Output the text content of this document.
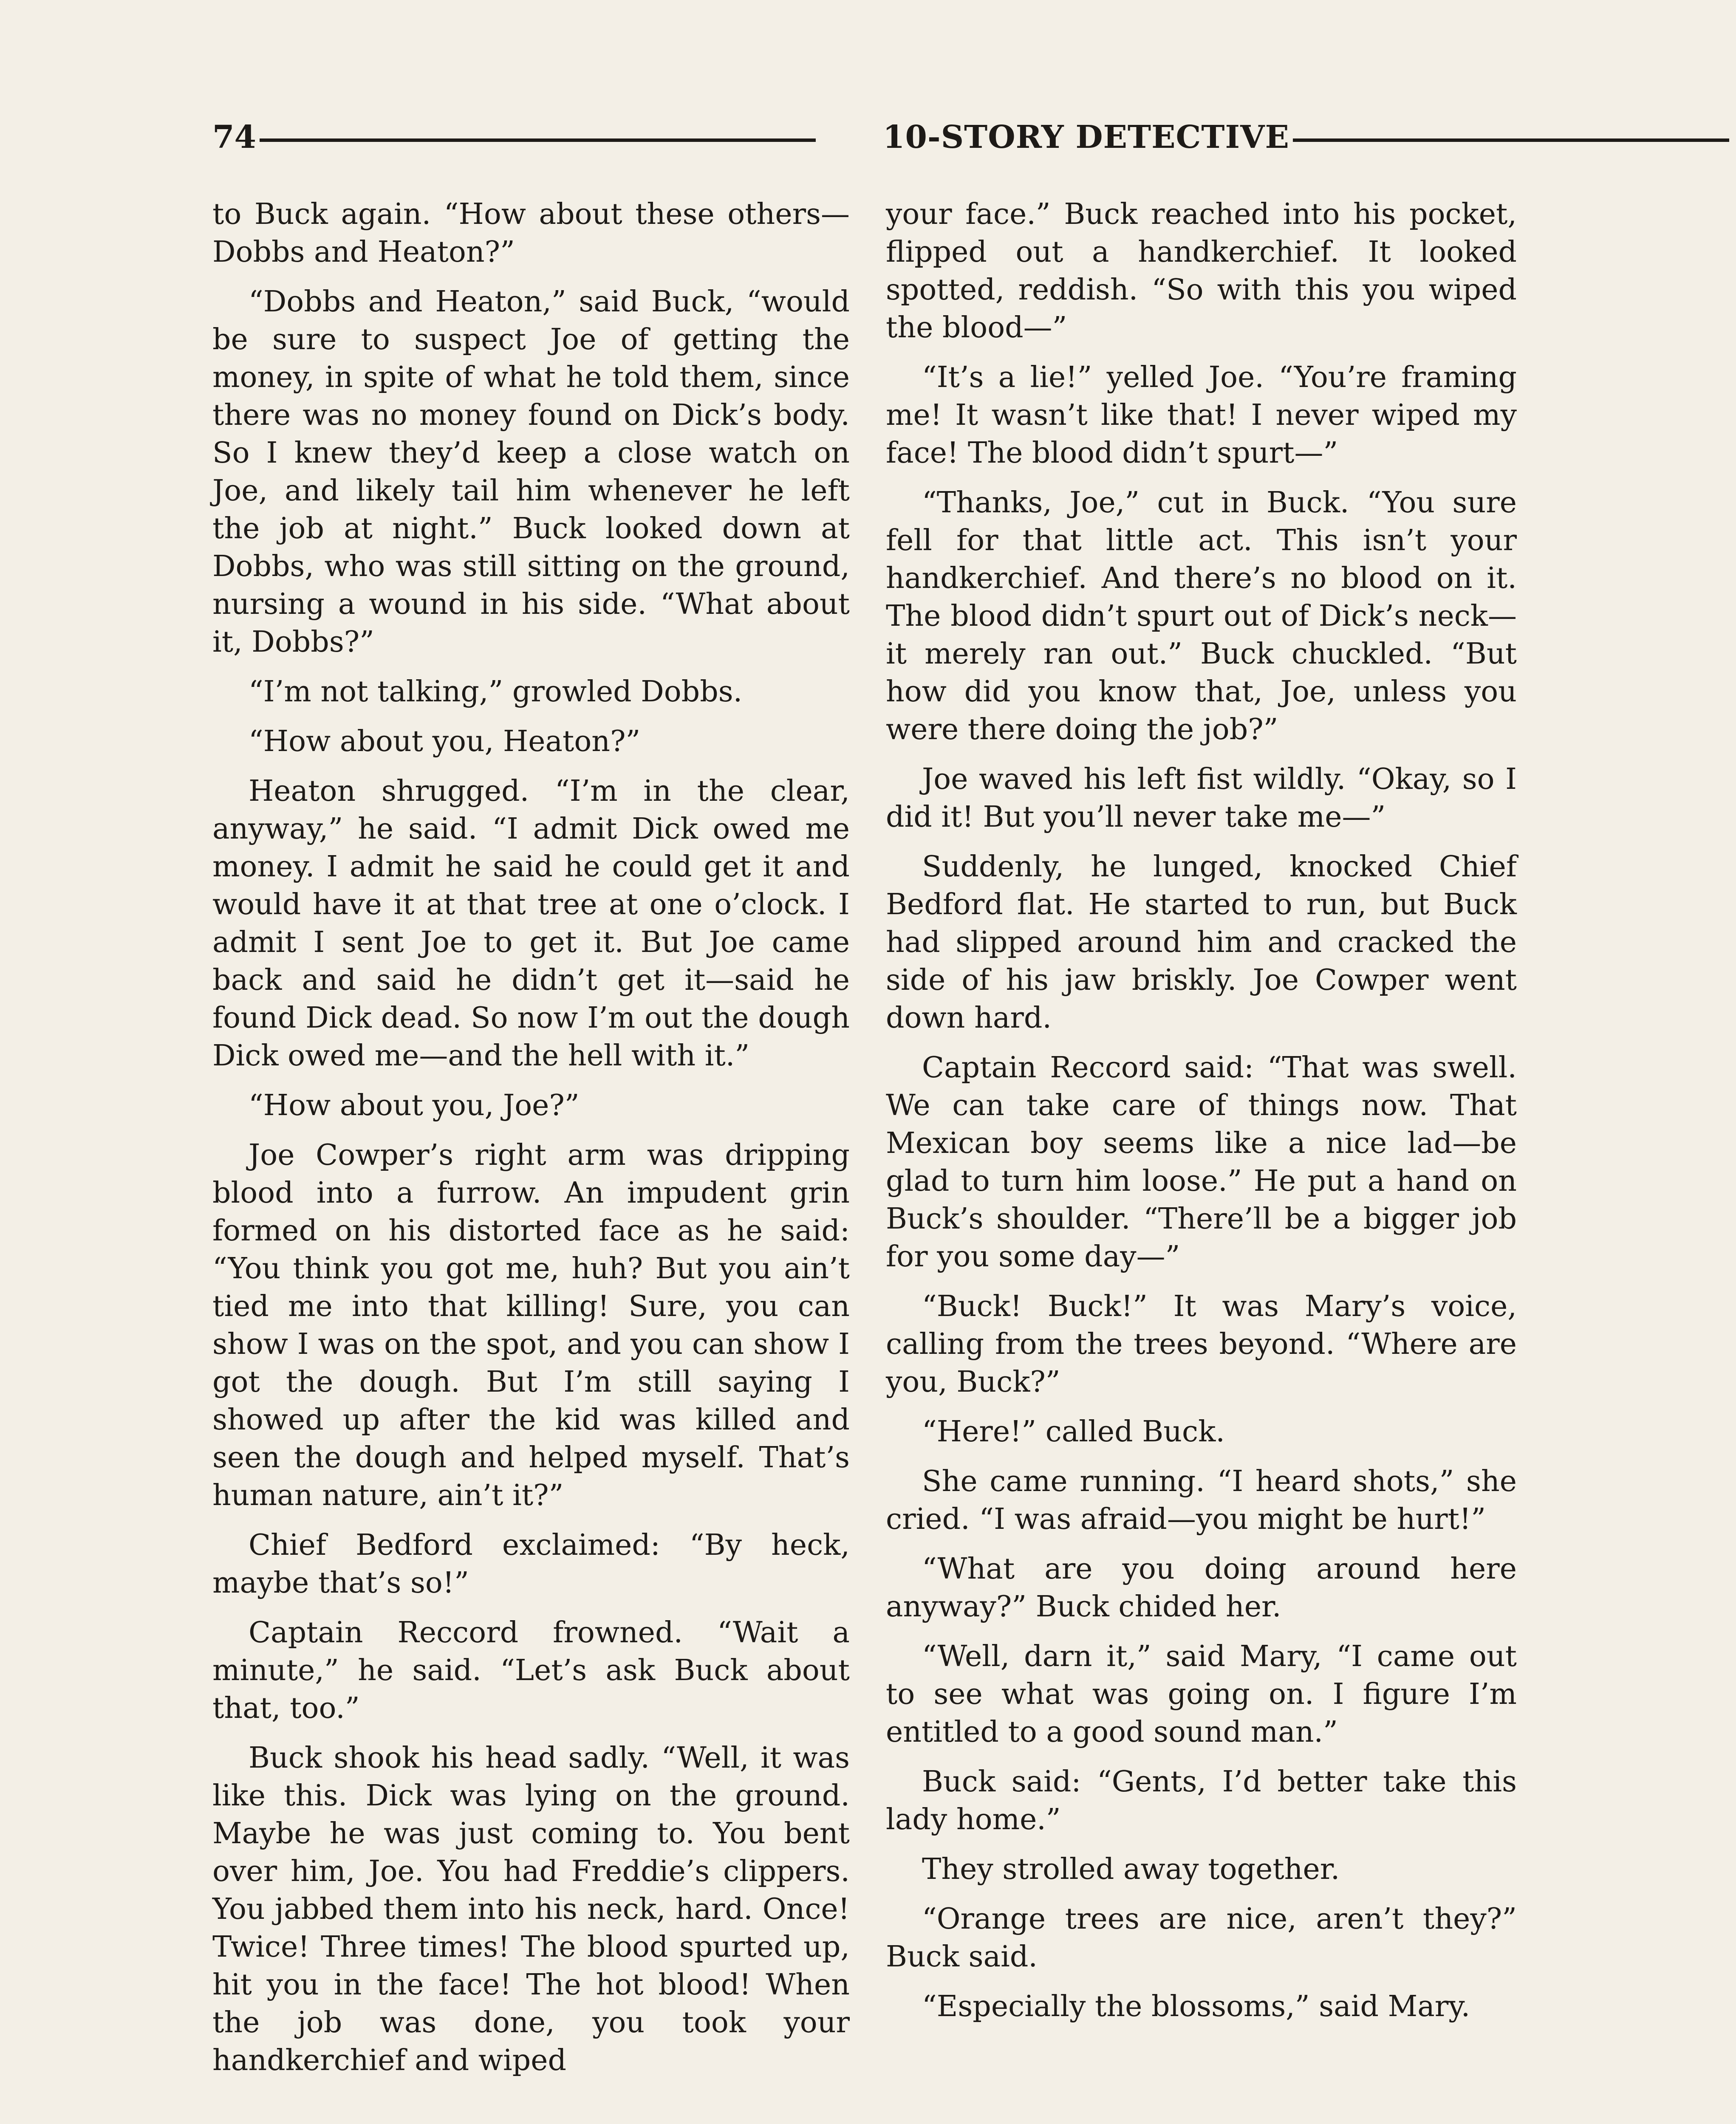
74	10-STORY DETECTIVE

to Buck again. “How about these others—Dobbs and Heaton?”

“Dobbs and Heaton,” said Buck, “would be sure to suspect Joe of getting the money, in spite of what he told them, since there was no money found on Dick’s body. So I knew they’d keep a close watch on Joe, and likely tail him whenever he left the job at night.” Buck looked down at Dobbs, who was still sitting on the ground, nursing a wound in his side. “What about it, Dobbs?”

“I’m not talking,” growled Dobbs.

“How about you, Heaton?”

Heaton shrugged. “I’m in the clear, anyway,” he said. “I admit Dick owed me money. I admit he said he could get it and would have it at that tree at one o’clock. I admit I sent Joe to get it. But Joe came back and said he didn’t get it—said he found Dick dead. So now I’m out the dough Dick owed me—and the hell with it.”

“How about you, Joe?”

Joe Cowper’s right arm was dripping blood into a furrow. An impudent grin formed on his distorted face as he said: “You think you got me, huh? But you ain’t tied me into that killing! Sure, you can show I was on the spot, and you can show I got the dough. But I’m still saying I showed up after the kid was killed and seen the dough and helped myself. That’s human nature, ain’t it?”

Chief Bedford exclaimed: “By heck, maybe that’s so!”

Captain Reccord frowned. “Wait a minute,” he said. “Let’s ask Buck about that, too.”

Buck shook his head sadly. “Well, it was like this. Dick was lying on the ground. Maybe he was just coming to. You bent over him, Joe. You had Freddie’s clippers. You jabbed them into his neck, hard. Once! Twice! Three times! The blood spurted up, hit you in the face! The hot blood! When the job was done, you took your handkerchief and wiped

your face.” Buck reached into his pocket, flipped out a handkerchief. It looked spotted, reddish. “So with this you wiped the blood—”

“It’s a lie!” yelled Joe. “You’re framing me! It wasn’t like that! I never wiped my face! The blood didn’t spurt—”

“Thanks, Joe,” cut in Buck. “You sure fell for that little act. This isn’t your handkerchief. And there’s no blood on it. The blood didn’t spurt out of Dick’s neck—it merely ran out.” Buck chuckled. “But how did you know that, Joe, unless you were there doing the job?”

Joe waved his left fist wildly. “Okay, so I did it! But you’ll never take me—”

Suddenly, he lunged, knocked Chief Bedford flat. He started to run, but Buck had slipped around him and cracked the side of his jaw briskly. Joe Cowper went down hard.

Captain Reccord said: “That was swell. We can take care of things now. That Mexican boy seems like a nice lad—be glad to turn him loose.” He put a hand on Buck’s shoulder. “There’ll be a bigger job for you some day—”

“Buck! Buck!” It was Mary’s voice, calling from the trees beyond. “Where are you, Buck?”

“Here!” called Buck.

She came running. “I heard shots,” she cried. “I was afraid—you might be hurt!”

“What are you doing around here anyway?” Buck chided her.

“Well, darn it,” said Mary, “I came out to see what was going on. I figure I’m entitled to a good sound man.”

Buck said: “Gents, I’d better take this lady home.”

They strolled away together.

“Orange trees are nice, aren’t they?” Buck said.

“Especially the blossoms,” said Mary.
